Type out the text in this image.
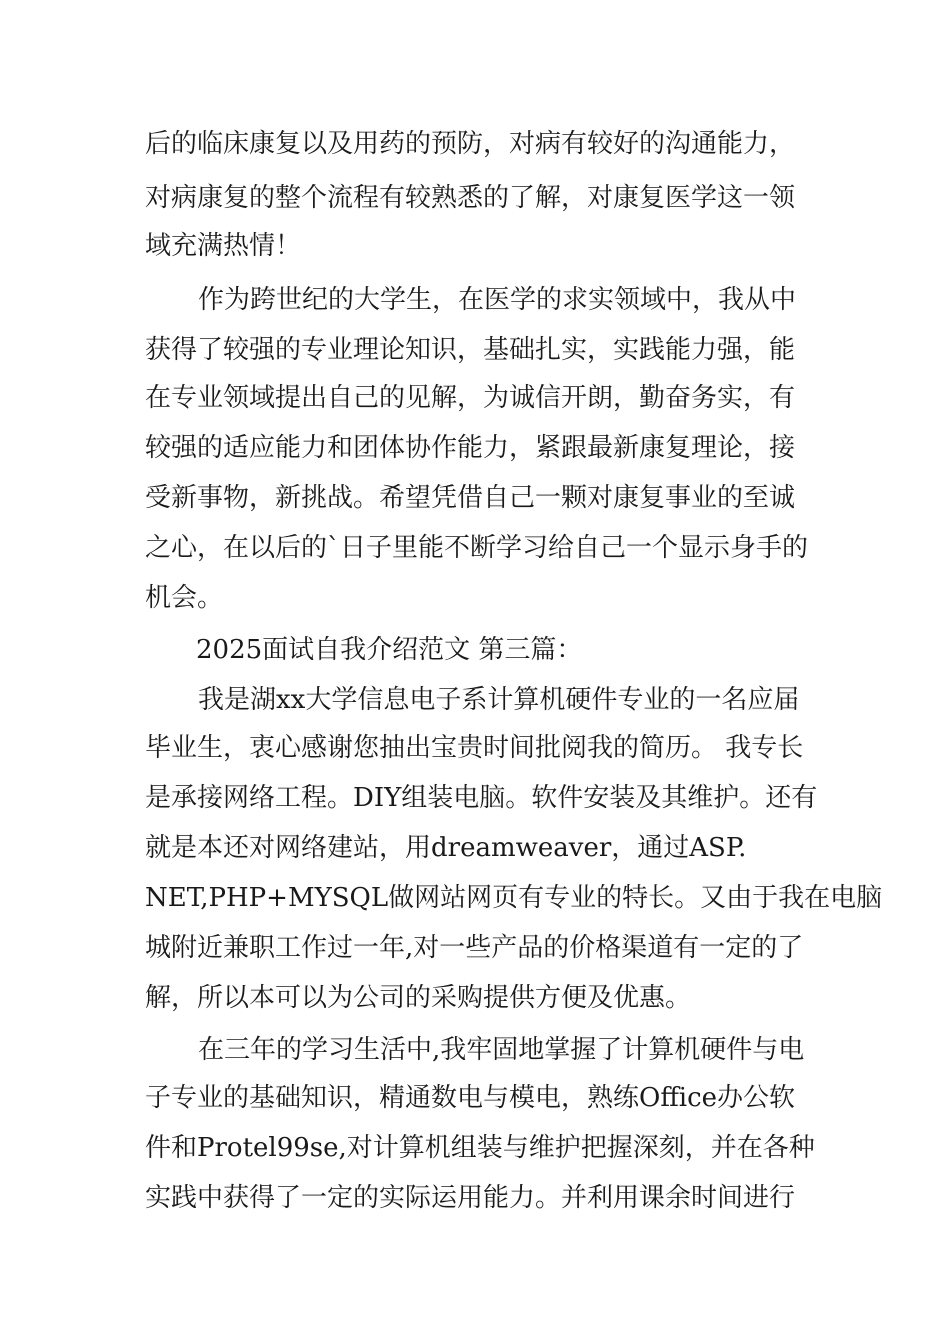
后的临床康复以及用药的预防，对病有较好的沟通能力，
对病康复的整个流程有较熟悉的了解，对康复医学这一领
域充满热情！
作为跨世纪的大学生，在医学的求实领域中，我从中
获得了较强的专业理论知识，基础扎实，实践能力强，能
在专业领域提出自己的见解，为诚信开朗，勤奋务实，有
较强的适应能力和团体协作能力，紧跟最新康复理论，接
受新事物，新挑战。希望凭借自己一颗对康复事业的至诚
之心，在以后的`日子里能不断学习给自己一个显示身手的
机会。
2025面试自我介绍范文 第三篇：
我是湖xx大学信息电子系计算机硬件专业的一名应届
毕业生，衷心感谢您抽出宝贵时间批阅我的简历。 我专长
是承接网络工程。DIY组装电脑。软件安装及其维护。还有
就是本还对网络建站，用dreamweaver，通过ASP.
NET,PHP+MYSQL做网站网页有专业的特长。又由于我在电脑
城附近兼职工作过一年,对一些产品的价格渠道有一定的了
解，所以本可以为公司的采购提供方便及优惠。
在三年的学习生活中,我牢固地掌握了计算机硬件与电
子专业的基础知识，精通数电与模电，熟练Office办公软
件和Protel99se,对计算机组装与维护把握深刻，并在各种
实践中获得了一定的实际运用能力。并利用课余时间进行
